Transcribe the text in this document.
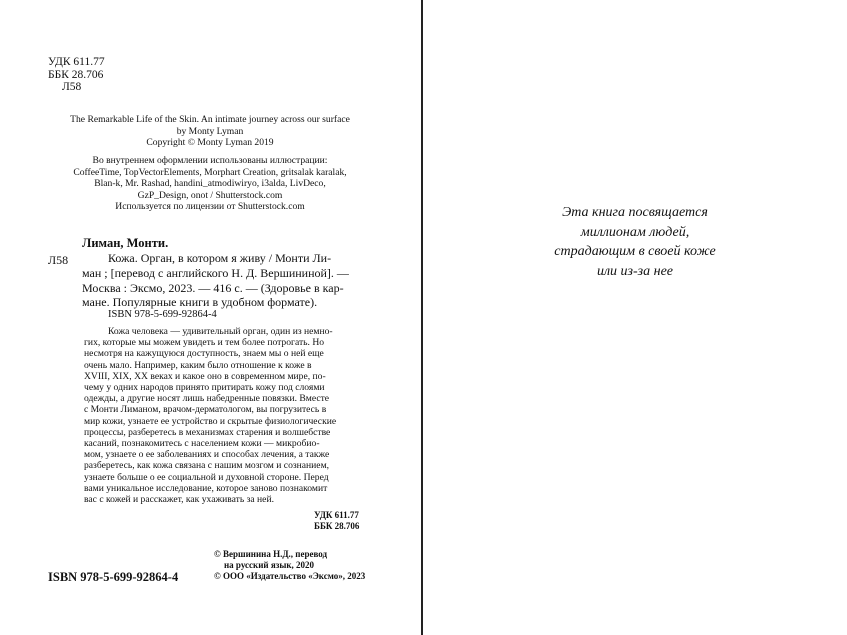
УДК 611.77
ББК 28.706
Л58
The Remarkable Life of the Skin. An intimate journey across our surface
by Monty Lyman
Copyright © Monty Lyman 2019
Во внутреннем оформлении использованы иллюстрации:
CoffeeTime, TopVectorElements, Morphart Creation, gritsalak karalak,
Blan-k, Mr. Rashad, handini_atmodiwiryo, i3alda, LivDeco,
GzP_Design, onot / Shutterstock.com
Используется по лицензии от Shutterstock.com
Лиман, Монти.
Л58	Кожа. Орган, в котором я живу / Монти Ли-
ман ; [перевод с английского Н. Д. Вершининой]. —
Москва : Эксмо, 2023. — 416 с. — (Здоровье в кар-
мане. Популярные книги в удобном формате).
ISBN 978-5-699-92864-4
Кожа человека — удивительный орган, один из немно-
гих, которые мы можем увидеть и тем более потрогать. Но
несмотря на кажущуюся доступность, знаем мы о ней еще
очень мало. Например, каким было отношение к коже в
XVIII, XIX, XX веках и какое оно в современном мире, по-
чему у одних народов принято притирать кожу под слоями
одежды, а другие носят лишь набедренные повязки. Вместе
с Монти Лиманом, врачом-дерматологом, вы погрузитесь в
мир кожи, узнаете ее устройство и скрытые физиологические
процессы, разберетесь в механизмах старения и волшебстве
касаний, познакомитесь с населением кожи — микробио-
мом, узнаете о ее заболеваниях и способах лечения, а также
разберетесь, как кожа связана с нашим мозгом и сознанием,
узнаете больше о ее социальной и духовной стороне. Перед
вами уникальное исследование, которое заново познакомит
вас с кожей и расскажет, как ухаживать за ней.
УДК 611.77
ББК 28.706
ISBN 978-5-699-92864-4
© Вершинина Н.Д., перевод
на русский язык, 2020
© ООО «Издательство «Эксмо», 2023
Эта книга посвящается
миллионам людей,
страдающим в своей коже
или из-за нее
